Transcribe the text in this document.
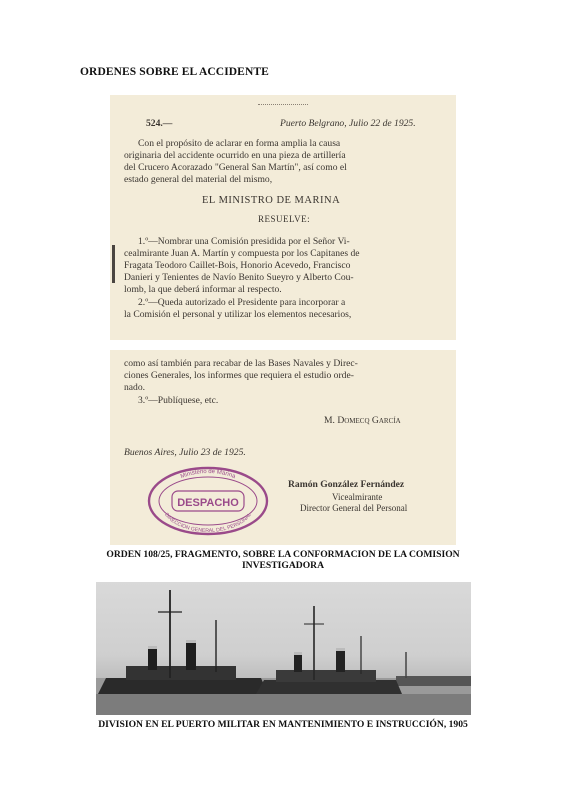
ORDENES SOBRE EL ACCIDENTE
524.—	Puerto Belgrano, Julio 22 de 1925.
Con el propósito de aclarar en forma amplia la causa
originaria del accidente ocurrido en una pieza de artillería
del Crucero Acorazado "General San Martín", así como el
estado general del material del mismo,
EL MINISTRO DE MARINA
RESUELVE:
1.º—Nombrar una Comisión presidida por el Señor Vi-
cealmirante Juan A. Martín y compuesta por los Capitanes de
Fragata Teodoro Caillet-Bois, Honorio Acevedo, Francisco
Danieri y Tenientes de Navío Benito Sueyro y Alberto Cou-
lomb, la que deberá informar al respecto.
2.º—Queda autorizado el Presidente para incorporar a
la Comisión el personal y utilizar los elementos necesarios,
como así también para recabar de las Bases Navales y Direc-
ciones Generales, los informes que requiera el estudio orde-
nado.
3.º—Publíquese, etc.
M. Domecq García
Buenos Aires, Julio 23 de 1925.
Ramón González Fernández
Vicealmirante
Director General del Personal
DESPACHO
Ministerio de Marina
DIRECCION GENERAL DEL PERSONAL

ORDEN 108/25, FRAGMENTO, SOBRE LA CONFORMACION DE LA COMISION
INVESTIGADORA

DIVISION EN EL PUERTO MILITAR EN MANTENIMIENTO E INSTRUCCIÓN, 1905
